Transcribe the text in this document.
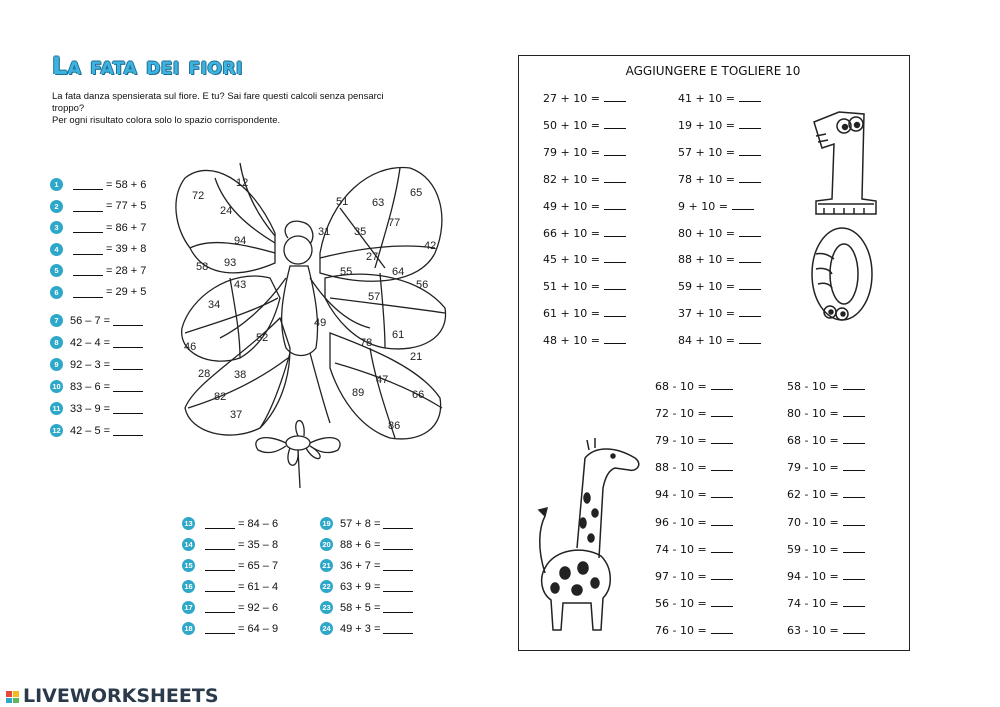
La fata dei fiori
La fata danza spensierata sul fiore. E tu? Sai fare questi calcoli senza pensarci
troppo?
Per ogni risultato colora solo lo spazio corrispondente.
1	= 58 + 6
2	= 77 + 5
3	= 86 + 7
4	= 39 + 8
5	= 28 + 7
6	= 29 + 5
7	56 – 7 =
8	42 – 4 =
9	92 – 3 =
10 83 – 6 =
11 33 – 9 =
12 42 – 5 =
13	= 84 – 6
14	= 35 – 8
15	= 65 – 7
16	= 61 – 4
17	= 92 – 6
18	= 64 – 9
19 57 + 8 =
20 88 + 6 =
21 36 + 7 =
22 63 + 9 =
23 58 + 5 =
24 49 + 3 =
12
72
24
94
58 93
43
34
46
52
28 38
82
37
51 63
65
31 35
77
42
27
55	64
56
57
49
78
61
21
47
89	66
86
AGGIUNGERE E TOGLIERE 10
27 + 10 =
50 + 10 =
79 + 10 =
82 + 10 =
49 + 10 =
66 + 10 =
45 + 10 =
51 + 10 =
61 + 10 =
48 + 10 =
41 + 10 =
19 + 10 =
57 + 10 =
78 + 10 =
9 + 10 =
80 + 10 =
88 + 10 =
59 + 10 =
37 + 10 =
84 + 10 =
68 - 10 =
72 - 10 =
79 - 10 =
88 - 10 =
94 - 10 =
96 - 10 =
74 - 10 =
97 - 10 =
56 - 10 =
76 - 10 =
58 - 10 =
80 - 10 =
68 - 10 =
79 - 10 =
62 - 10 =
70 - 10 =
59 - 10 =
94 - 10 =
74 - 10 =
63 - 10 =
LIVEWORKSHEETS
